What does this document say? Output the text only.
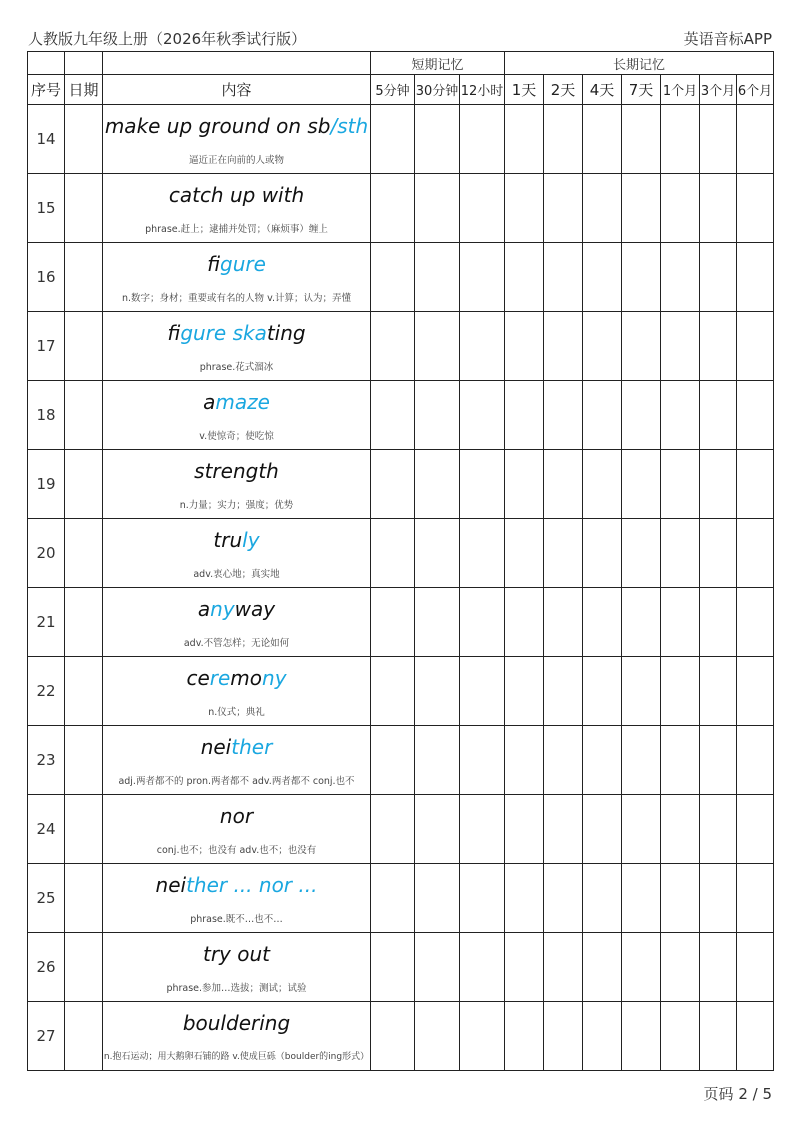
人教版九年级上册（2026年秋季试行版）	英语音标APP
			短期记忆			长期记忆						
序号	日期	内容	5分钟	30分钟	12小时	1天	2天	4天	7天	1个月	3个月	6个月
14		make up ground on sb/sth
逼近正在向前的人或物										

15		catch up with
phrase.赶上；逮捕并处罚；（麻烦事）缠上										

16		figure
n.数字；身材；重要或有名的人物 v.计算；认为；弄懂										

17		figure skating
phrase.花式溜冰										

18		amaze
v.使惊奇；使吃惊										

19		strength
n.力量；实力；强度；优势										

20		truly
adv.衷心地；真实地										

21		anyway
adv.不管怎样；无论如何										

22		ceremony
n.仪式；典礼										

23		neither
adj.两者都不的 pron.两者都不 adv.两者都不 conj.也不										

24		nor
conj.也不；也没有 adv.也不；也没有										

25		neither ... nor ...
phrase.既不…也不…										

26		try out
phrase.参加…选拔；测试；试验										

27		bouldering
n.抱石运动；用大鹅卵石铺的路 v.使成巨砾（boulder的ing形式）										

页码 2 / 5
